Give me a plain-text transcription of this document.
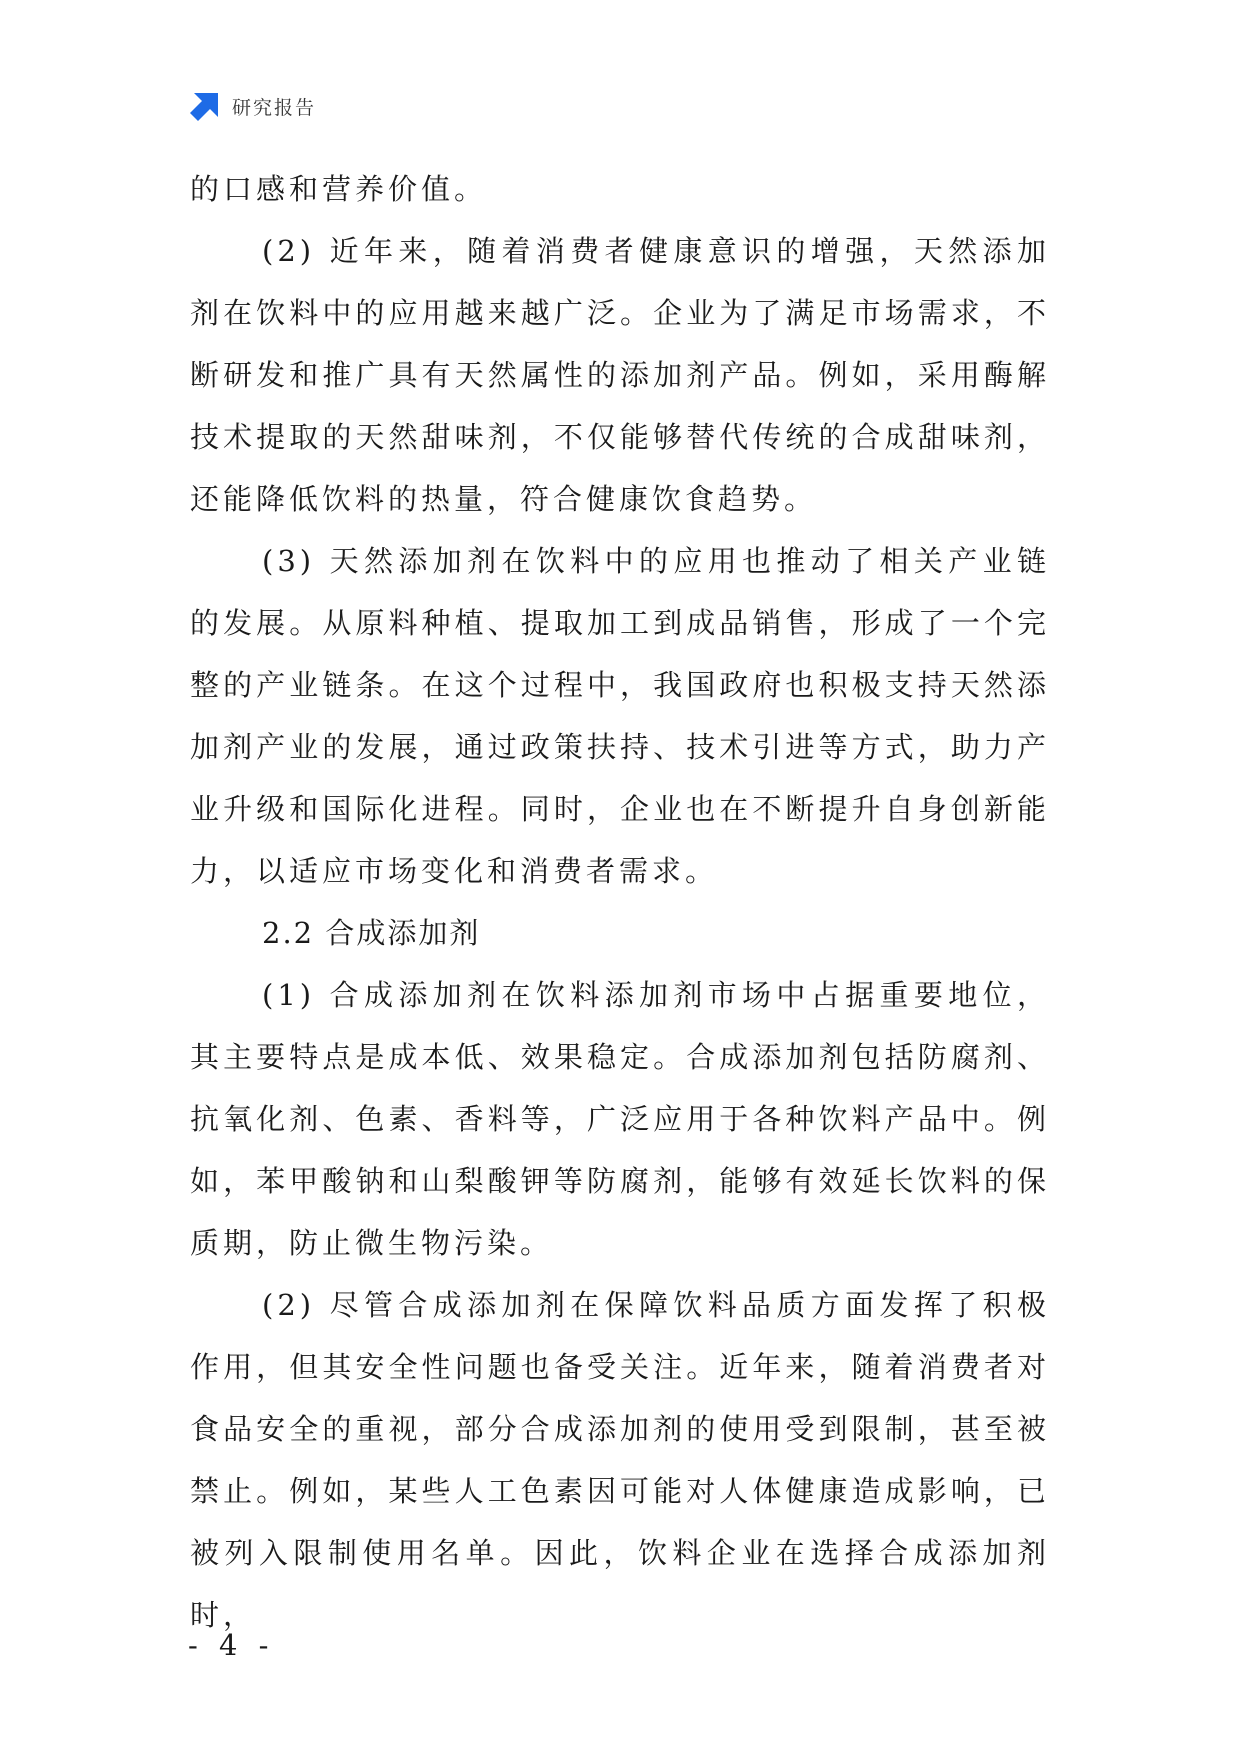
研究报告

的口感和营养价值。

(2) 近年来，随着消费者健康意识的增强，天然添加剂在饮料中的应用越来越广泛。企业为了满足市场需求，不断研发和推广具有天然属性的添加剂产品。例如，采用酶解技术提取的天然甜味剂，不仅能够替代传统的合成甜味剂，还能降低饮料的热量，符合健康饮食趋势。

(3) 天然添加剂在饮料中的应用也推动了相关产业链的发展。从原料种植、提取加工到成品销售，形成了一个完整的产业链条。在这个过程中，我国政府也积极支持天然添加剂产业的发展，通过政策扶持、技术引进等方式，助力产业升级和国际化进程。同时，企业也在不断提升自身创新能力，以适应市场变化和消费者需求。

2.2 合成添加剂

(1) 合成添加剂在饮料添加剂市场中占据重要地位，其主要特点是成本低、效果稳定。合成添加剂包括防腐剂、抗氧化剂、色素、香料等，广泛应用于各种饮料产品中。例如，苯甲酸钠和山梨酸钾等防腐剂，能够有效延长饮料的保质期，防止微生物污染。

(2) 尽管合成添加剂在保障饮料品质方面发挥了积极作用，但其安全性问题也备受关注。近年来，随着消费者对食品安全的重视，部分合成添加剂的使用受到限制，甚至被禁止。例如，某些人工色素因可能对人体健康造成影响，已被列入限制使用名单。因此，饮料企业在选择合成添加剂时，

- 4 -
